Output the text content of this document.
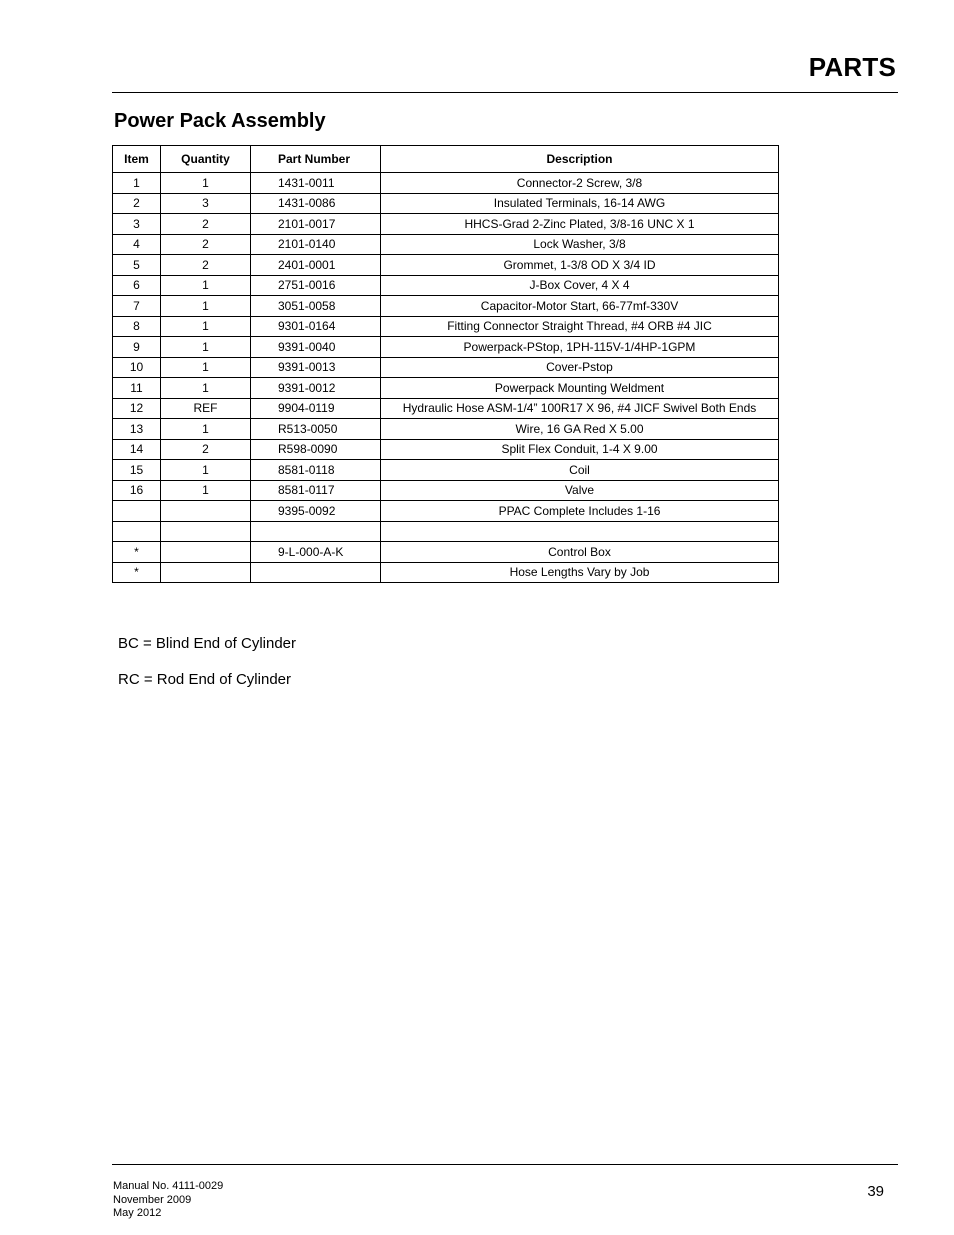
PARTS
Power Pack Assembly
Item	Quantity	Part Number	Description
1	1	1431-0011	Connector-2 Screw, 3/8
2	3	1431-0086	Insulated Terminals, 16-14 AWG
3	2	2101-0017	HHCS-Grad 2-Zinc Plated, 3/8-16 UNC X 1
4	2	2101-0140	Lock Washer, 3/8
5	2	2401-0001	Grommet, 1-3/8 OD X 3/4 ID
6	1	2751-0016	J-Box Cover, 4 X 4
7	1	3051-0058	Capacitor-Motor Start, 66-77mf-330V
8	1	9301-0164	Fitting Connector Straight Thread, #4 ORB #4 JIC
9	1	9391-0040	Powerpack-PStop, 1PH-115V-1/4HP-1GPM
10	1	9391-0013	Cover-Pstop
11	1	9391-0012	Powerpack Mounting Weldment
12	REF	9904-0119	Hydraulic Hose ASM-1/4” 100R17 X 96, #4 JICF Swivel Both Ends
13	1	R513-0050	Wire, 16 GA Red X 5.00
14	2	R598-0090	Split Flex Conduit, 1-4 X 9.00
15	1	8581-0118	Coil
16	1	8581-0117	Valve
		9395-0092	PPAC Complete Includes 1-16

*		9-L-000-A-K	Control Box
*			Hose Lengths Vary by Job
BC = Blind End of Cylinder
RC = Rod End of Cylinder
Manual No. 4111-0029
November 2009
May 2012
39
